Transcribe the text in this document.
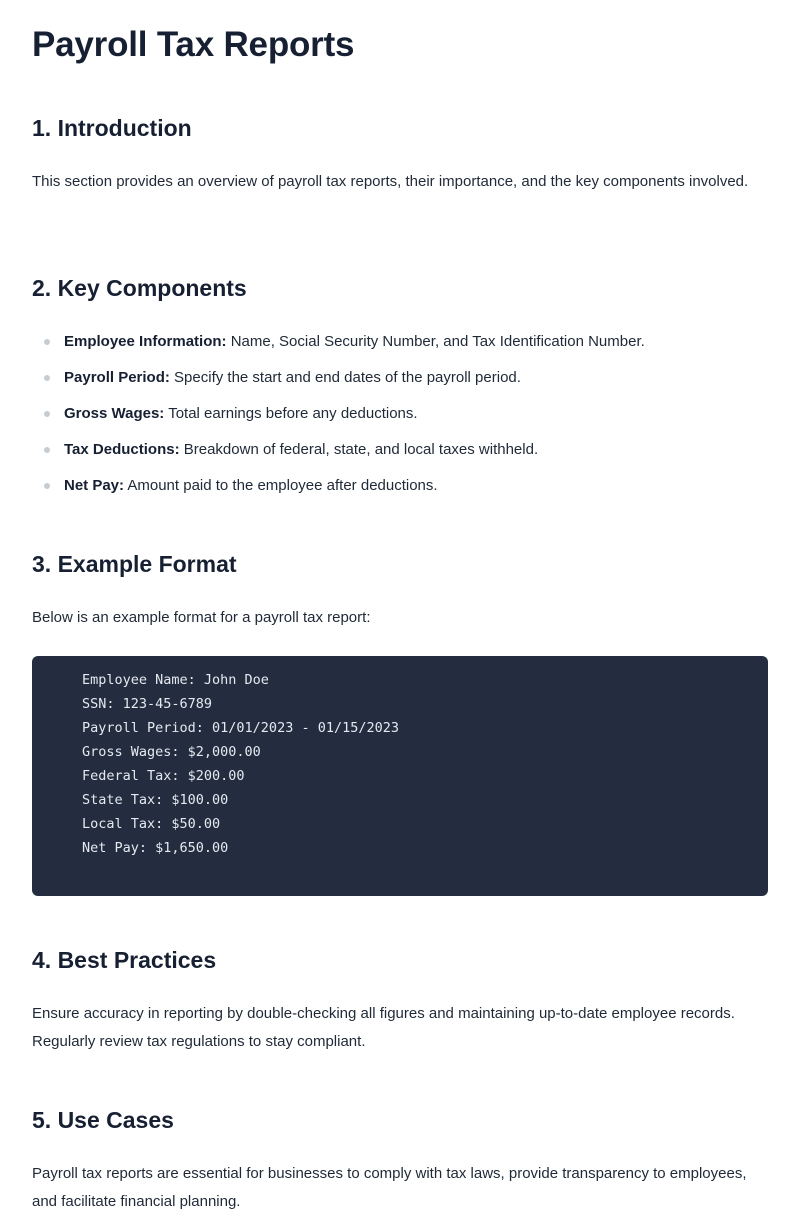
Payroll Tax Reports
1. Introduction

This section provides an overview of payroll tax reports, their importance, and the key components involved.

2. Key Components
Employee Information: Name, Social Security Number, and Tax Identification Number.
Payroll Period: Specify the start and end dates of the payroll period.
Gross Wages: Total earnings before any deductions.
Tax Deductions: Breakdown of federal, state, and local taxes withheld.
Net Pay: Amount paid to the employee after deductions.
3. Example Format

Below is an example format for a payroll tax report:

Employee Name: John Doe
SSN: 123-45-6789
Payroll Period: 01/01/2023 - 01/15/2023
Gross Wages: $2,000.00
Federal Tax: $200.00
State Tax: $100.00
Local Tax: $50.00
Net Pay: $1,650.00
4. Best Practices

Ensure accuracy in reporting by double-checking all figures and maintaining up-to-date employee records. Regularly review tax regulations to stay compliant.

5. Use Cases

Payroll tax reports are essential for businesses to comply with tax laws, provide transparency to employees, and facilitate financial planning.
